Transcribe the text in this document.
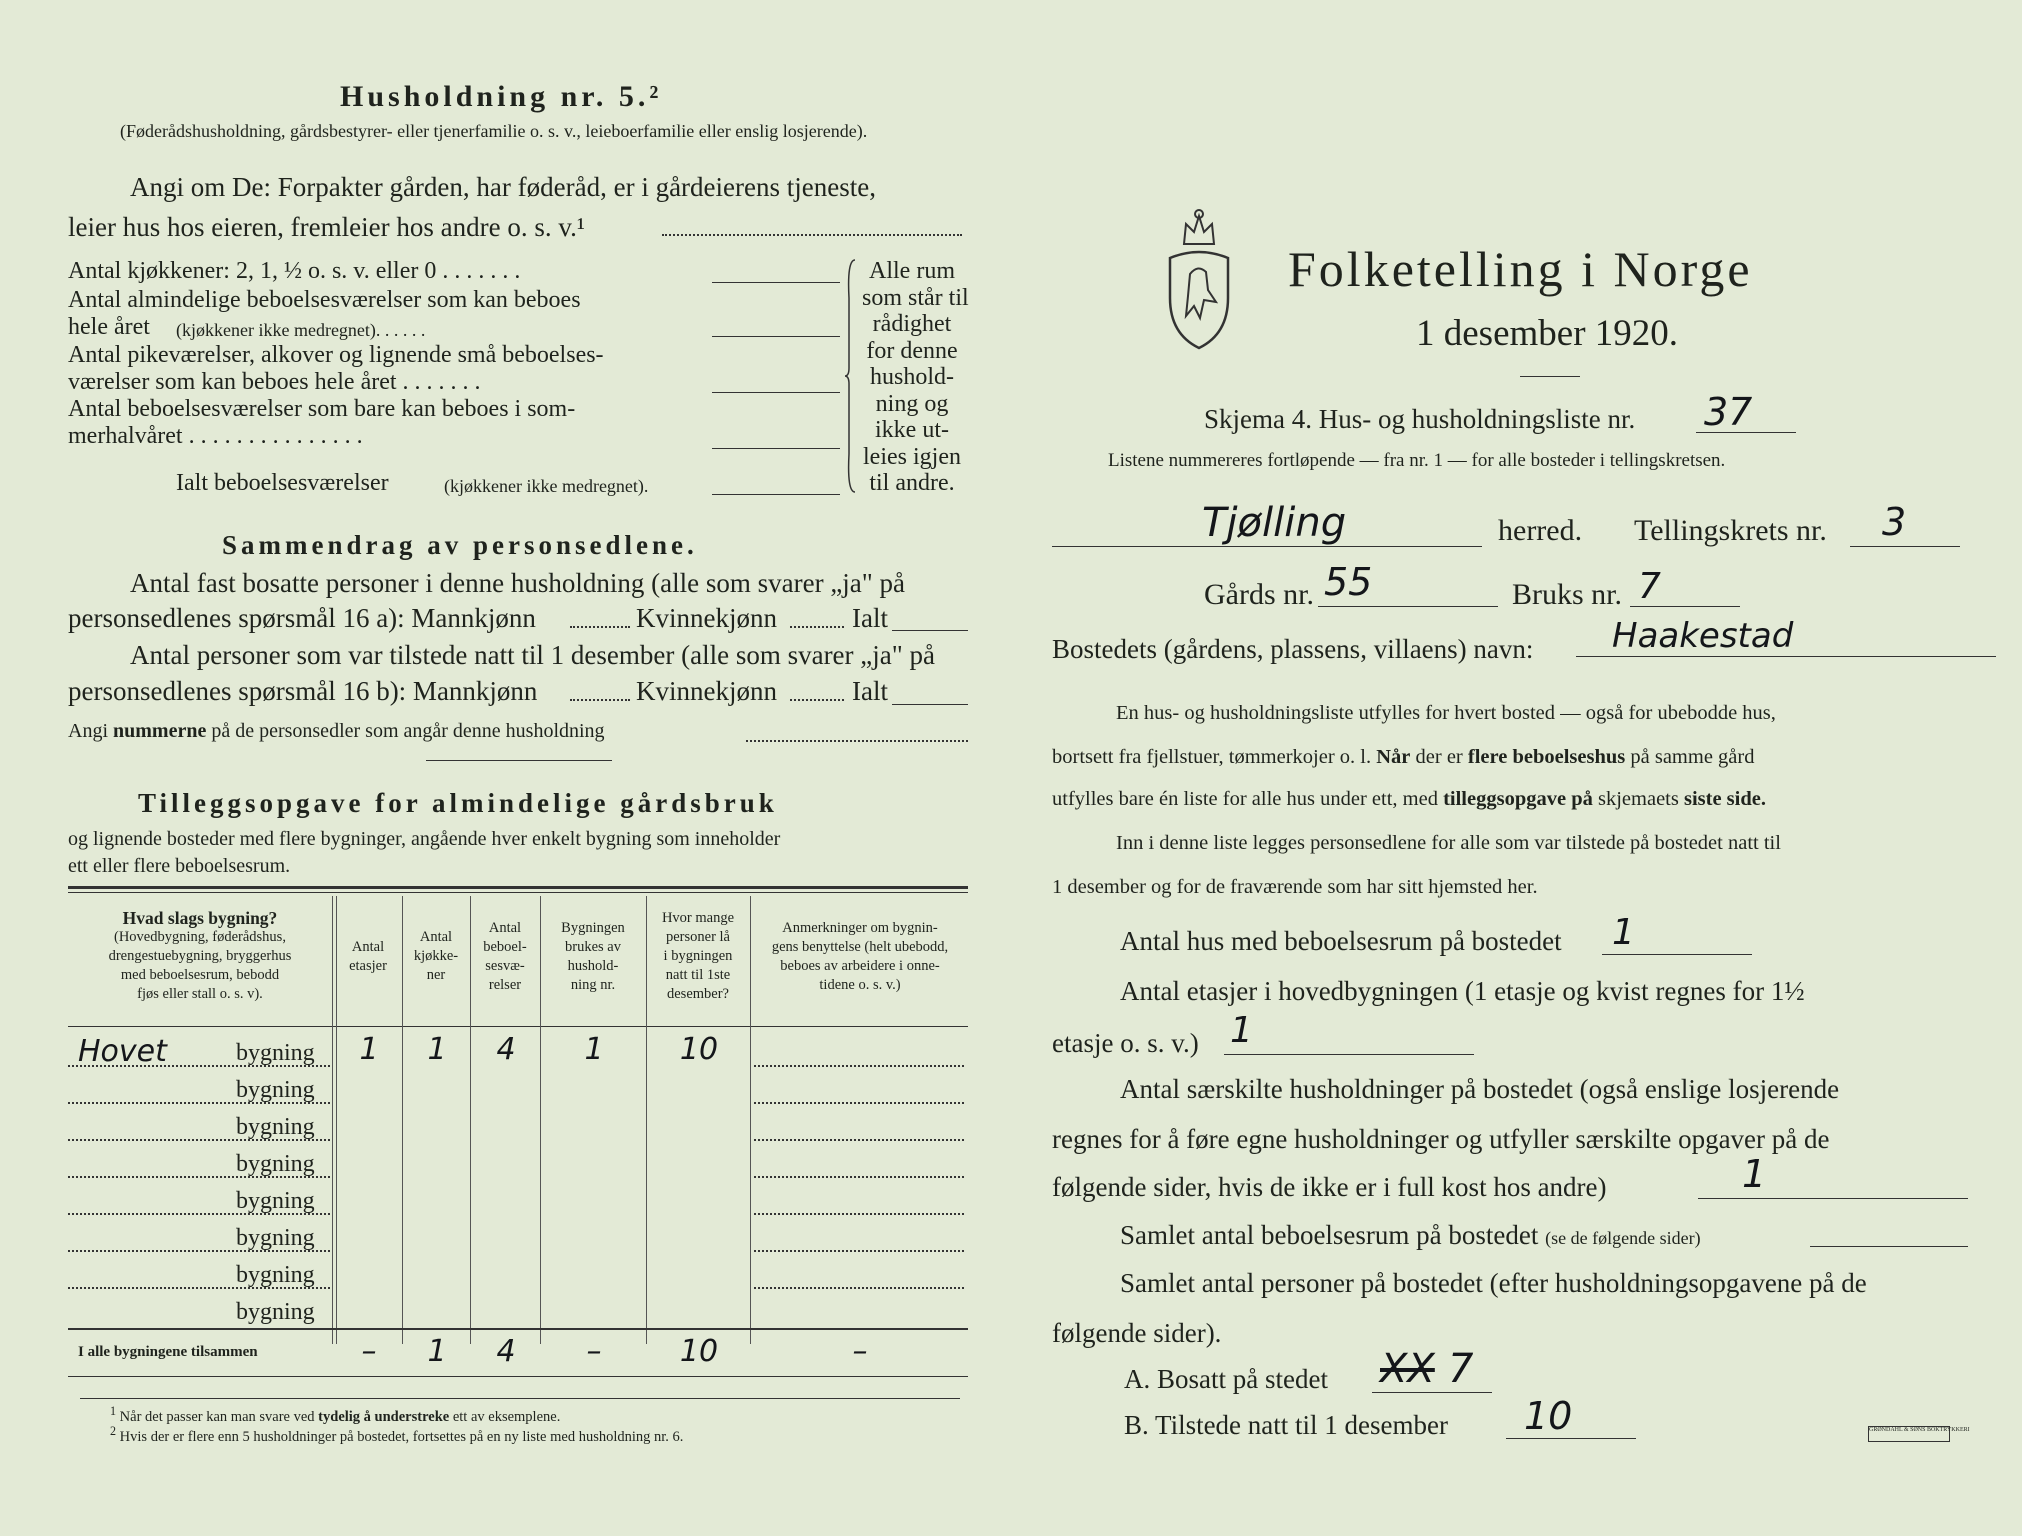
Husholdning nr. 5.²
(Føderådshusholdning, gårdsbestyrer- eller tjenerfamilie o. s. v., leieboerfamilie eller enslig losjerende).
Angi om De: Forpakter gården, har føderåd, er i gårdeierens tjeneste,
leier hus hos eieren, fremleier hos andre o. s. v.¹
Antal kjøkkener: 2, 1, ½ o. s. v. eller 0 . . . . . . .
Antal almindelige beboelsesværelser som kan beboes
hele året (kjøkkener ikke medregnet). . . . . .
Antal pikeværelser, alkover og lignende små beboelses-
værelser som kan beboes hele året . . . . . . .
Antal beboelsesværelser som bare kan beboes i som-
merhalvåret . . . . . . . . . . . . . . .
Ialt beboelsesværelser	(kjøkkener ikke medregnet).
Alle rum
som står til
rådighet
for denne
hushold-
ning og
ikke ut-
leies igjen
til andre.
Sammendrag av personsedlene.
Antal fast bosatte personer i denne husholdning (alle som svarer „ja" på
personsedlenes spørsmål 16 a): Mannkjønn	Kvinnekjønn	Ialt
Antal personer som var tilstede natt til 1 desember (alle som svarer „ja" på
personsedlenes spørsmål 16 b): Mannkjønn	Kvinnekjønn	Ialt
Angi nummerne på de personsedler som angår denne husholdning
Tilleggsopgave for almindelige gårdsbruk
og lignende bosteder med flere bygninger, angående hver enkelt bygning som inneholder
ett eller flere beboelsesrum.
Hvad slags bygning?
(Hovedbygning, føderådshus,
drengestuebygning, bryggerhus
med beboelsesrum, bebodd
fjøs eller stall o. s. v).
Antal
etasjer
Antal
kjøkke-
ner
Antal
beboel-
sesvæ-
relser
Bygningen
brukes av
hushold-
ning nr.
Hvor mange
personer lå
i bygningen
natt til 1ste
desember?
Anmerkninger om bygnin-
gens benyttelse (helt ubebodd,
beboes av arbeidere i onne-
tidene o. s. v.)
Hovet	bygning	1	1	4	1	10
bygning
bygning
bygning
bygning
bygning
bygning
bygning
I alle bygningene tilsammen	–	1	4	–	10	–
$^1$ Når det passer kan man svare ved tydelig å understreke ett av eksemplene.
$^2$ Hvis der er flere enn 5 husholdninger på bostedet, fortsettes på en ny liste med husholdning nr. 6.
Folketelling i Norge
1 desember 1920.
Skjema 4. Hus- og husholdningsliste nr. 37
Listene nummereres fortløpende — fra nr. 1 — for alle bosteder i tellingskretsen.
Tjølling	herred. Tellingskrets nr. 3
Gårds nr. 55	Bruks nr. 7
Bostedets (gårdens, plassens, villaens) navn: Haakestad
En hus- og husholdningsliste utfylles for hvert bosted — også for ubebodde hus,
bortsett fra fjellstuer, tømmerkojer o. l. Når der er flere beboelseshus på samme gård
utfylles bare én liste for alle hus under ett, med tilleggsopgave på skjemaets siste side.
Inn i denne liste legges personsedlene for alle som var tilstede på bostedet natt til
1 desember og for de fraværende som har sitt hjemsted her.
Antal hus med beboelsesrum på bostedet 1
Antal etasjer i hovedbygningen (1 etasje og kvist regnes for 1½
etasje o. s. v.) 1
Antal særskilte husholdninger på bostedet (også enslige losjerende
regnes for å føre egne husholdninger og utfyller særskilte opgaver på de
følgende sider, hvis de ikke er i full kost hos andre)	1
Samlet antal beboelsesrum på bostedet (se de følgende sider)
Samlet antal personer på bostedet (efter husholdningsopgavene på de
følgende sider).
A. Bosatt på stedet XX 7
B. Tilstede natt til 1 desember 10	GRØNDAHL & SØNS BOKTRYKKERI
